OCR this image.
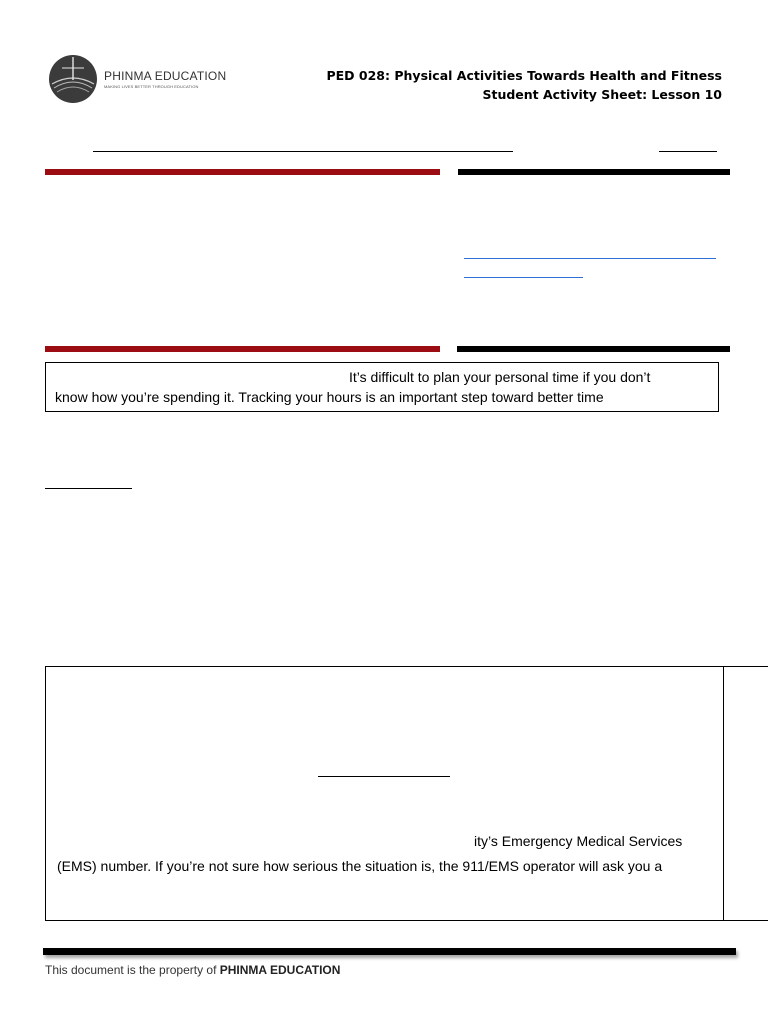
PHINMA EDUCATION
MAKING LIVES BETTER THROUGH EDUCATION
PED 028: Physical Activities Towards Health and Fitness
Student Activity Sheet: Lesson 10
It’s difficult to plan your personal time if you don’t
know how you’re spending it. Tracking your hours is an important step toward better time
ity’s Emergency Medical Services
(EMS) number. If you’re not sure how serious the situation is, the 911/EMS operator will ask you a
This document is the property of PHINMA EDUCATION
